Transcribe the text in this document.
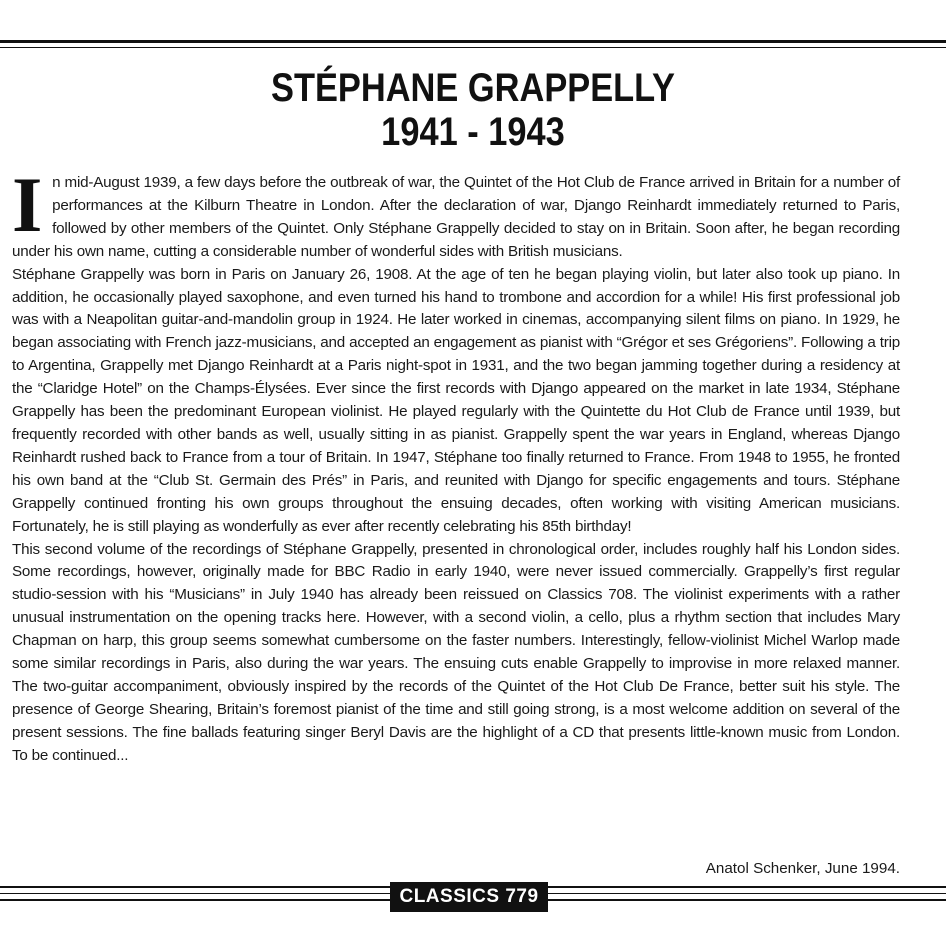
STÉPHANE GRAPPELLY
1941 - 1943

I n mid-August 1939, a few days before the outbreak of war, the Quintet of the Hot Club de France arrived in Britain for a number of performances at the Kilburn Theatre in London. After the declaration of war, Django Reinhardt immediately returned to Paris, followed by other members of the Quintet. Only Stéphane Grappelly decided to stay on in Britain. Soon after, he began recording under his own name, cutting a considerable number of wonderful sides with British musicians.

Stéphane Grappelly was born in Paris on January 26, 1908. At the age of ten he began playing violin, but later also took up piano. In addition, he occasionally played saxophone, and even turned his hand to trombone and accordion for a while! His first professional job was with a Neapolitan guitar-and-mandolin group in 1924. He later worked in cinemas, accompanying silent films on piano. In 1929, he began associating with French jazz-musicians, and accepted an engagement as pianist with “Grégor et ses Grégoriens”. Following a trip to Argentina, Grappelly met Django Reinhardt at a Paris night-spot in 1931, and the two began jamming together during a residency at the “Claridge Hotel” on the Champs-Élysées. Ever since the first records with Django appeared on the market in late 1934, Stéphane Grappelly has been the predominant European violinist. He played regularly with the Quintette du Hot Club de France until 1939, but frequently recorded with other bands as well, usually sitting in as pianist. Grappelly spent the war years in England, whereas Django Reinhardt rushed back to France from a tour of Britain. In 1947, Stéphane too finally returned to France. From 1948 to 1955, he fronted his own band at the “Club St. Germain des Prés” in Paris, and reunited with Django for specific engagements and tours. Stéphane Grappelly continued fronting his own groups throughout the ensuing decades, often working with visiting American musicians. Fortunately, he is still playing as wonderfully as ever after recently celebrating his 85th birthday!

This second volume of the recordings of Stéphane Grappelly, presented in chronological order, includes roughly half his London sides. Some recordings, however, originally made for BBC Radio in early 1940, were never issued commercially. Grappelly’s first regular studio-session with his “Musicians” in July 1940 has already been reissued on Classics 708. The violinist experiments with a rather unusual instrumentation on the opening tracks here. However, with a second violin, a cello, plus a rhythm section that includes Mary Chapman on harp, this group seems somewhat cumbersome on the faster numbers. Interestingly, fellow-violinist Michel Warlop made some similar recordings in Paris, also during the war years. The ensuing cuts enable Grappelly to improvise in more relaxed manner. The two-guitar accompaniment, obviously inspired by the records of the Quintet of the Hot Club De France, better suit his style. The presence of George Shearing, Britain’s foremost pianist of the time and still going strong, is a most welcome addition on several of the present sessions. The fine ballads featuring singer Beryl Davis are the highlight of a CD that presents little-known music from London. To be continued...

Anatol Schenker, June 1994.
CLASSICS 779
